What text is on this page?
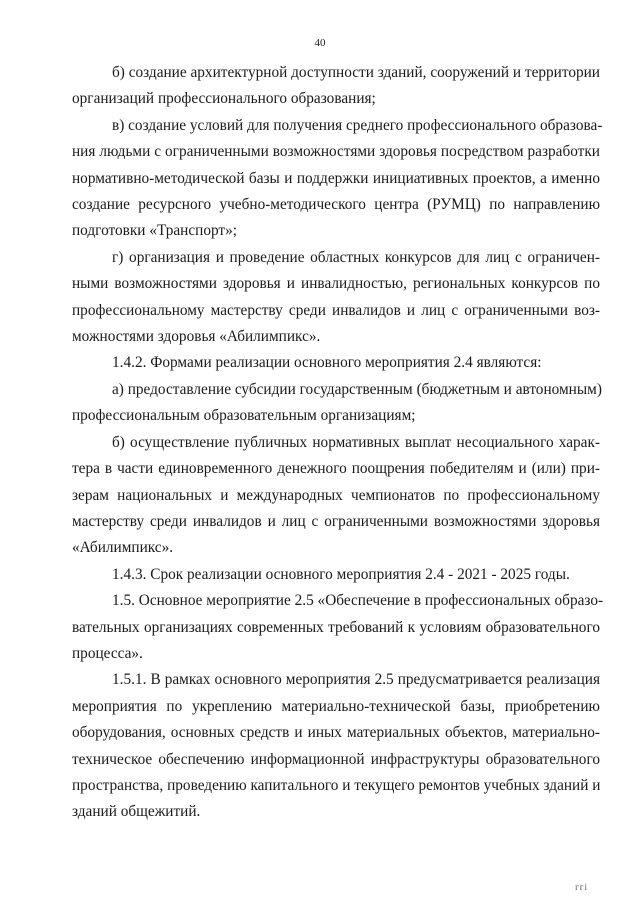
40
б) создание архитектурной доступности зданий, сооружений и территории
организаций профессионального образования;
в) создание условий для получения среднего профессионального образова-
ния людьми с ограниченными возможностями здоровья посредством разработки
нормативно-методической базы и поддержки инициативных проектов, а именно
создание ресурсного учебно-методического центра (РУМЦ) по направлению
подготовки «Транспорт»;
г) организация и проведение областных конкурсов для лиц с ограничен-
ными возможностями здоровья и инвалидностью, региональных конкурсов по
профессиональному мастерству среди инвалидов и лиц с ограниченными воз-
можностями здоровья «Абилимпикс».
1.4.2. Формами реализации основного мероприятия 2.4 являются:
а) предоставление субсидии государственным (бюджетным и автономным)
профессиональным образовательным организациям;
б) осуществление публичных нормативных выплат несоциального харак-
тера в части единовременного денежного поощрения победителям и (или) при-
зерам национальных и международных чемпионатов по профессиональному
мастерству среди инвалидов и лиц с ограниченными возможностями здоровья
«Абилимпикс».
1.4.3. Срок реализации основного мероприятия 2.4 - 2021 - 2025 годы.
1.5. Основное мероприятие 2.5 «Обеспечение в профессиональных образо-
вательных организациях современных требований к условиям образовательного
процесса».
1.5.1. В рамках основного мероприятия 2.5 предусматривается реализация
мероприятия по укреплению материально-технической базы, приобретению
оборудования, основных средств и иных материальных объектов, материально-
техническое обеспечению информационной инфраструктуры образовательного
пространства, проведению капитального и текущего ремонтов учебных зданий и
зданий общежитий.
ггi
